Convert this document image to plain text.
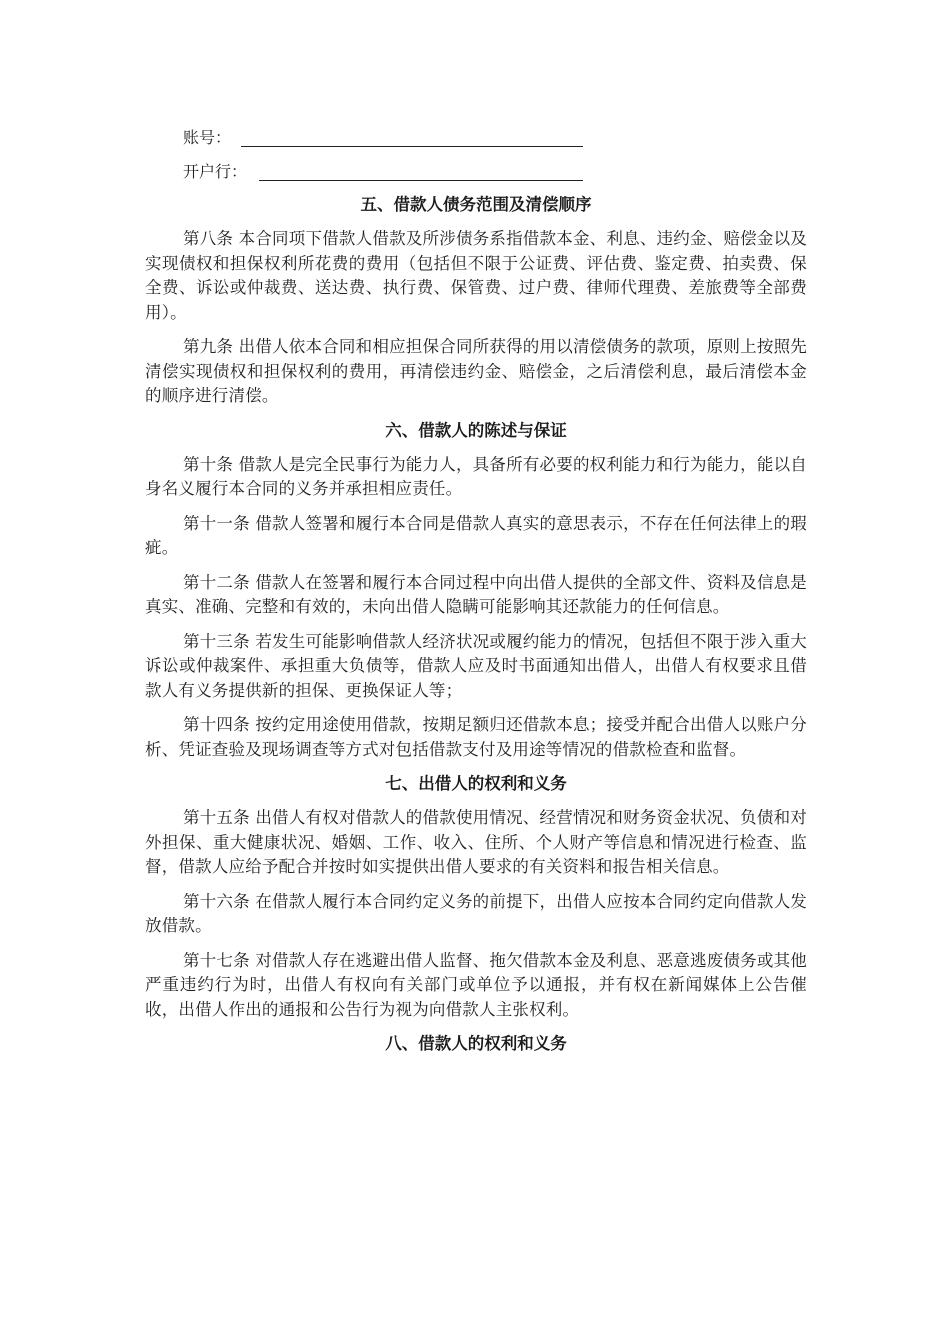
账号：
开户行：
五、借款人债务范围及清偿顺序

第八条 本合同项下借款人借款及所涉债务系指借款本金、利息、违约金、赔偿金以及实现债权和担保权利所花费的费用（包括但不限于公证费、评估费、鉴定费、拍卖费、保全费、诉讼或仲裁费、送达费、执行费、保管费、过户费、律师代理费、差旅费等全部费用）。

第九条 出借人依本合同和相应担保合同所获得的用以清偿债务的款项，原则上按照先清偿实现债权和担保权利的费用，再清偿违约金、赔偿金，之后清偿利息，最后清偿本金的顺序进行清偿。

六、借款人的陈述与保证

第十条 借款人是完全民事行为能力人，具备所有必要的权利能力和行为能力，能以自身名义履行本合同的义务并承担相应责任。

第十一条 借款人签署和履行本合同是借款人真实的意思表示，不存在任何法律上的瑕疵。

第十二条 借款人在签署和履行本合同过程中向出借人提供的全部文件、资料及信息是真实、准确、完整和有效的，未向出借人隐瞒可能影响其还款能力的任何信息。

第十三条 若发生可能影响借款人经济状况或履约能力的情况，包括但不限于涉入重大诉讼或仲裁案件、承担重大负债等，借款人应及时书面通知出借人，出借人有权要求且借款人有义务提供新的担保、更换保证人等；

第十四条 按约定用途使用借款，按期足额归还借款本息；接受并配合出借人以账户分析、凭证查验及现场调查等方式对包括借款支付及用途等情况的借款检查和监督。

七、出借人的权利和义务

第十五条 出借人有权对借款人的借款使用情况、经营情况和财务资金状况、负债和对外担保、重大健康状况、婚姻、工作、收入、住所、个人财产等信息和情况进行检查、监督，借款人应给予配合并按时如实提供出借人要求的有关资料和报告相关信息。

第十六条 在借款人履行本合同约定义务的前提下，出借人应按本合同约定向借款人发放借款。

第十七条 对借款人存在逃避出借人监督、拖欠借款本金及利息、恶意逃废债务或其他严重违约行为时，出借人有权向有关部门或单位予以通报，并有权在新闻媒体上公告催收，出借人作出的通报和公告行为视为向借款人主张权利。

八、借款人的权利和义务
